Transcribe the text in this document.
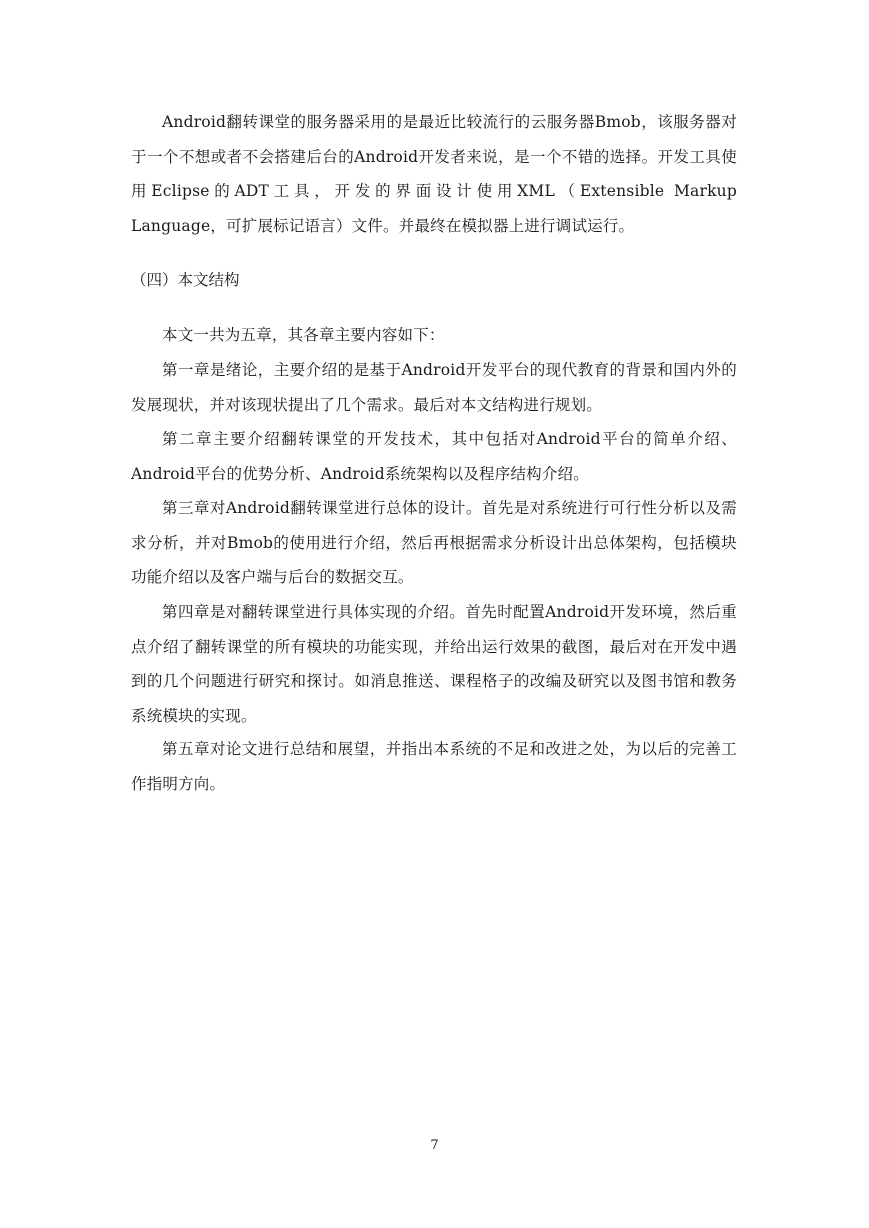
Android翻转课堂的服务器采用的是最近比较流行的云服务器Bmob，该服务器对于一个不想或者不会搭建后台的Android开发者来说，是一个不错的选择。开发工具使用Eclipse的ADT工具，开发的界面设计使用XML（Extensible Markup Language，可扩展标记语言）文件。并最终在模拟器上进行调试运行。

（四）本文结构

本文一共为五章，其各章主要内容如下：

第一章是绪论，主要介绍的是基于Android开发平台的现代教育的背景和国内外的发展现状，并对该现状提出了几个需求。最后对本文结构进行规划。

第二章主要介绍翻转课堂的开发技术，其中包括对Android平台的简单介绍、Android平台的优势分析、Android系统架构以及程序结构介绍。

第三章对Android翻转课堂进行总体的设计。首先是对系统进行可行性分析以及需求分析，并对Bmob的使用进行介绍，然后再根据需求分析设计出总体架构，包括模块功能介绍以及客户端与后台的数据交互。

第四章是对翻转课堂进行具体实现的介绍。首先时配置Android开发环境，然后重点介绍了翻转课堂的所有模块的功能实现，并给出运行效果的截图，最后对在开发中遇到的几个问题进行研究和探讨。如消息推送、课程格子的改编及研究以及图书馆和教务系统模块的实现。

第五章对论文进行总结和展望，并指出本系统的不足和改进之处，为以后的完善工作指明方向。

7
